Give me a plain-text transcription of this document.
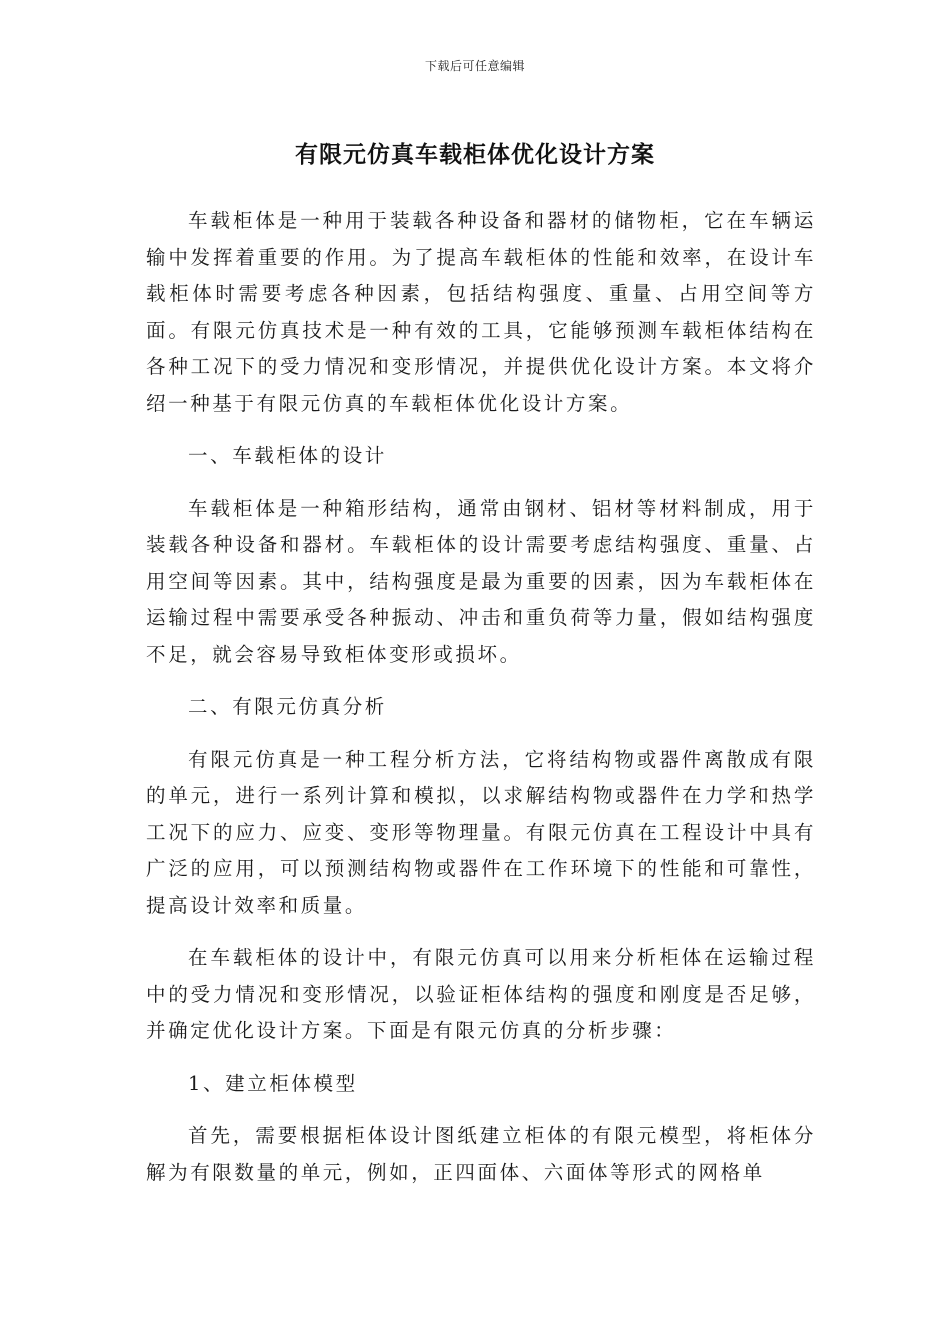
下载后可任意编辑
有限元仿真车载柜体优化设计方案

车载柜体是一种用于装载各种设备和器材的储物柜，它在车辆运输中发挥着重要的作用。为了提高车载柜体的性能和效率，在设计车载柜体时需要考虑各种因素，包括结构强度、重量、占用空间等方面。有限元仿真技术是一种有效的工具，它能够预测车载柜体结构在各种工况下的受力情况和变形情况，并提供优化设计方案。本文将介绍一种基于有限元仿真的车载柜体优化设计方案。

一、车载柜体的设计

车载柜体是一种箱形结构，通常由钢材、铝材等材料制成，用于装载各种设备和器材。车载柜体的设计需要考虑结构强度、重量、占用空间等因素。其中，结构强度是最为重要的因素，因为车载柜体在运输过程中需要承受各种振动、冲击和重负荷等力量，假如结构强度不足，就会容易导致柜体变形或损坏。

二、有限元仿真分析

有限元仿真是一种工程分析方法，它将结构物或器件离散成有限的单元，进行一系列计算和模拟，以求解结构物或器件在力学和热学工况下的应力、应变、变形等物理量。有限元仿真在工程设计中具有广泛的应用，可以预测结构物或器件在工作环境下的性能和可靠性，提高设计效率和质量。

在车载柜体的设计中，有限元仿真可以用来分析柜体在运输过程中的受力情况和变形情况，以验证柜体结构的强度和刚度是否足够，并确定优化设计方案。下面是有限元仿真的分析步骤：

1、建立柜体模型

首先，需要根据柜体设计图纸建立柜体的有限元模型，将柜体分解为有限数量的单元，例如，正四面体、六面体等形式的网格单
